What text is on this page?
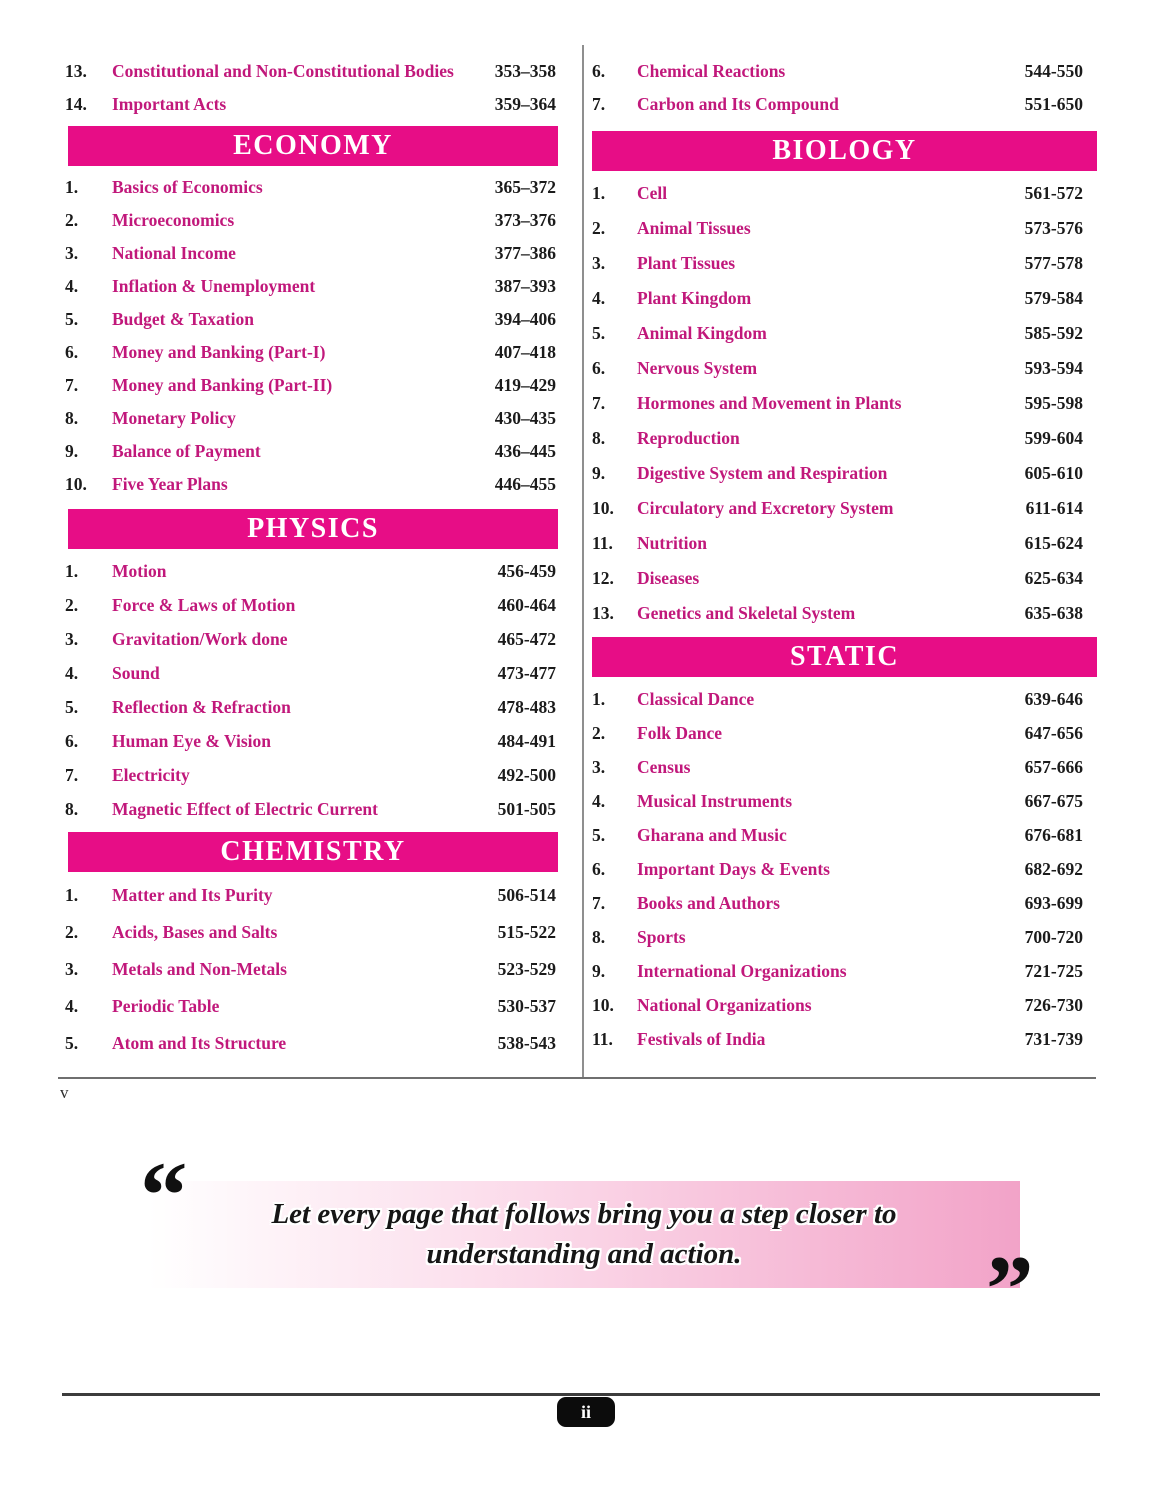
13.	Constitutional and Non-Constitutional Bodies	353–358
14.	Important Acts	359–364
ECONOMY
1.	Basics of Economics	365–372
2.	Microeconomics	373–376
3.	National Income	377–386
4.	Inflation & Unemployment	387–393
5.	Budget & Taxation	394–406
6.	Money and Banking (Part-I)	407–418
7.	Money and Banking (Part-II)	419–429
8.	Monetary Policy	430–435
9.	Balance of Payment	436–445
10.	Five Year Plans	446–455
PHYSICS
1.	Motion	456-459
2.	Force & Laws of Motion	460-464
3.	Gravitation/Work done	465-472
4.	Sound	473-477
5.	Reflection & Refraction	478-483
6.	Human Eye & Vision	484-491
7.	Electricity	492-500
8.	Magnetic Effect of Electric Current	501-505
CHEMISTRY
1.	Matter and Its Purity	506-514
2.	Acids, Bases and Salts	515-522
3.	Metals and Non-Metals	523-529
4.	Periodic Table	530-537
5.	Atom and Its Structure	538-543
6.	Chemical Reactions	544-550
7.	Carbon and Its Compound	551-650
BIOLOGY
1.	Cell	561-572
2.	Animal Tissues	573-576
3.	Plant Tissues	577-578
4.	Plant Kingdom	579-584
5.	Animal Kingdom	585-592
6.	Nervous System	593-594
7.	Hormones and Movement in Plants	595-598
8.	Reproduction	599-604
9.	Digestive System and Respiration	605-610
10.	Circulatory and Excretory System	611-614
11.	Nutrition	615-624
12.	Diseases	625-634
13.	Genetics and Skeletal System	635-638
STATIC
1.	Classical Dance	639-646
2.	Folk Dance	647-656
3.	Census	657-666
4.	Musical Instruments	667-675
5.	Gharana and Music	676-681
6.	Important Days & Events	682-692
7.	Books and Authors	693-699
8.	Sports	700-720
9.	International Organizations	721-725
10.	National Organizations	726-730
11.	Festivals of India	731-739
v
Let every page that follows bring you a step closer to
understanding and action.
“
”
ii
